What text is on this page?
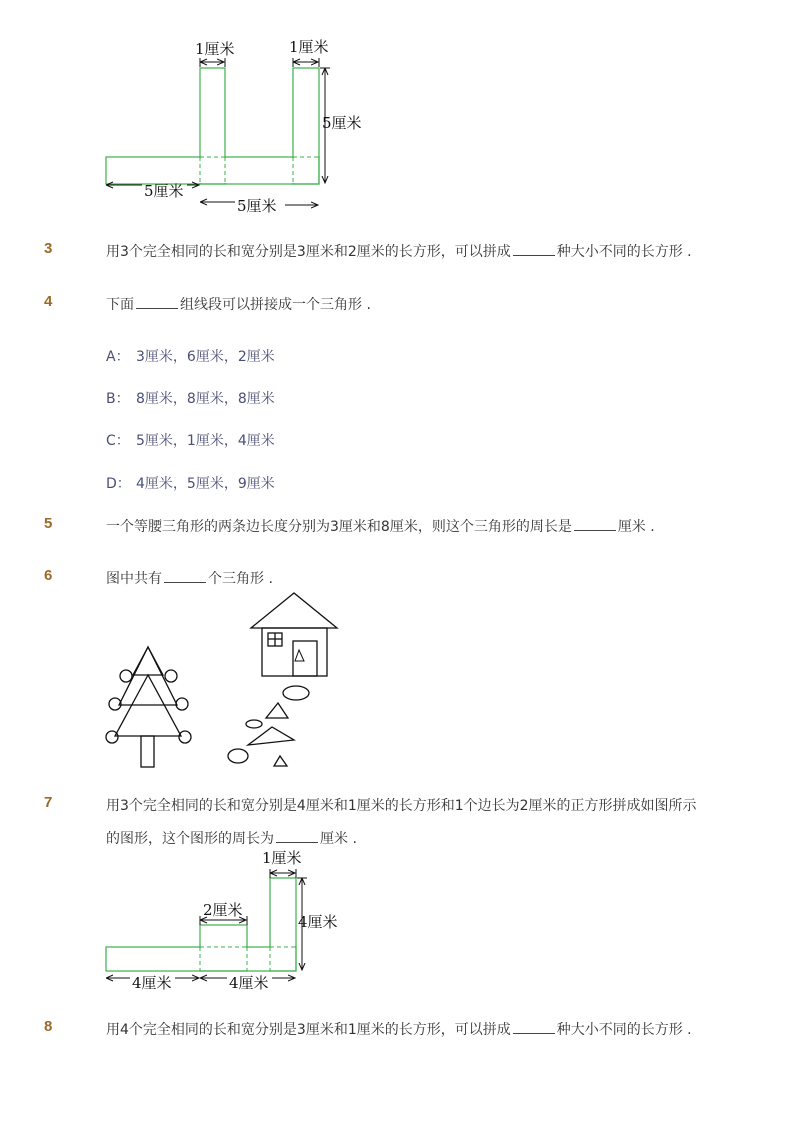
1厘米	1厘米
5厘米
5厘米
5厘米
3	用3个完全相同的长和宽分别是3厘米和2厘米的长方形，可以拼成	种大小不同的长方形 .
4	下面	组线段可以拼接成一个三角形 .
A： 3厘米，6厘米，2厘米
B： 8厘米，8厘米，8厘米
C： 5厘米，1厘米，4厘米
D： 4厘米，5厘米，9厘米
5	一个等腰三角形的两条边长度分别为3厘米和8厘米，则这个三角形的周长是	厘米 .
6	图中共有	个三角形 .
7	用3个完全相同的长和宽分别是4厘米和1厘米的长方形和1个边长为2厘米的正方形拼成如图所示
的图形，这个图形的周长为	厘米 .
1厘米
2厘米
4厘米
4厘米	4厘米
8	用4个完全相同的长和宽分别是3厘米和1厘米的长方形，可以拼成	种大小不同的长方形 .
